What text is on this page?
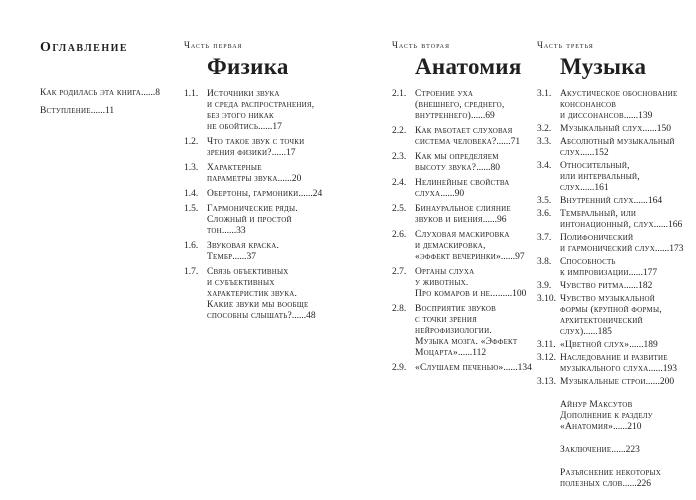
Оглавление

Как родилась эта книга......8

Вступление......11

Часть первая
Физика
1.1. Источники звука
и среда распространения,
без этого никак
не обойтись......17
1.2. Что такое звук с точки
зрения физики?......17
1.3. Характерные
параметры звука......20
1.4. Обертоны, гармоники......24
1.5. Гармонические ряды.
Сложный и простой
тон......33
1.6. Звуковая краска.
Тембр......37
1.7. Связь объективных
и субъективных
характеристик звука.
Какие звуки мы вообще
способны слышать?......48
Часть вторая
Анатомия
2.1. Строение уха
(внешнего, среднего,
внутреннего)......69
2.2. Как работает слуховая
система человека?......71
2.3. Как мы определяем
высоту звука?......80
2.4. Нелинейные свойства
слуха......90
2.5. Бинауральное слияние
звуков и биения......96
2.6. Слуховая маскировка
и демаскировка,
«эффект вечеринки»......97
2.7. Органы слуха
у животных.
Про комаров и не.........100
2.8. Восприятие звуков
с точки зрения
нейрофизиологии.
Музыка мозга. «Эффект
Моцарта»......112
2.9. «Слушаем печенью»......134
Часть третья
Музыка
3.1. Акустическое обоснование
консонансов
и диссонансов......139
3.2. Музыкальный слух......150
3.3. Абсолютный музыкальный
слух......152
3.4. Относительный,
или интервальный,
слух......161
3.5. Внутренний слух......164
3.6. Тембральный, или
интонационный, слух......166
3.7. Полифонический
и гармонический слух......173
3.8. Способность
к импровизации......177
3.9. Чувство ритма......182
3.10. Чувство музыкальной
формы (крупной формы,
архитектонический
слух)......185
3.11. «Цветной слух»......189
3.12. Наследование и развитие
музыкального слуха......193
3.13. Музыкальные строи......200
Айнур Максутов
Дополнение к разделу
«Анатомия»......210
Заключение......223
Разъяснение некоторых
полезных слов......226
